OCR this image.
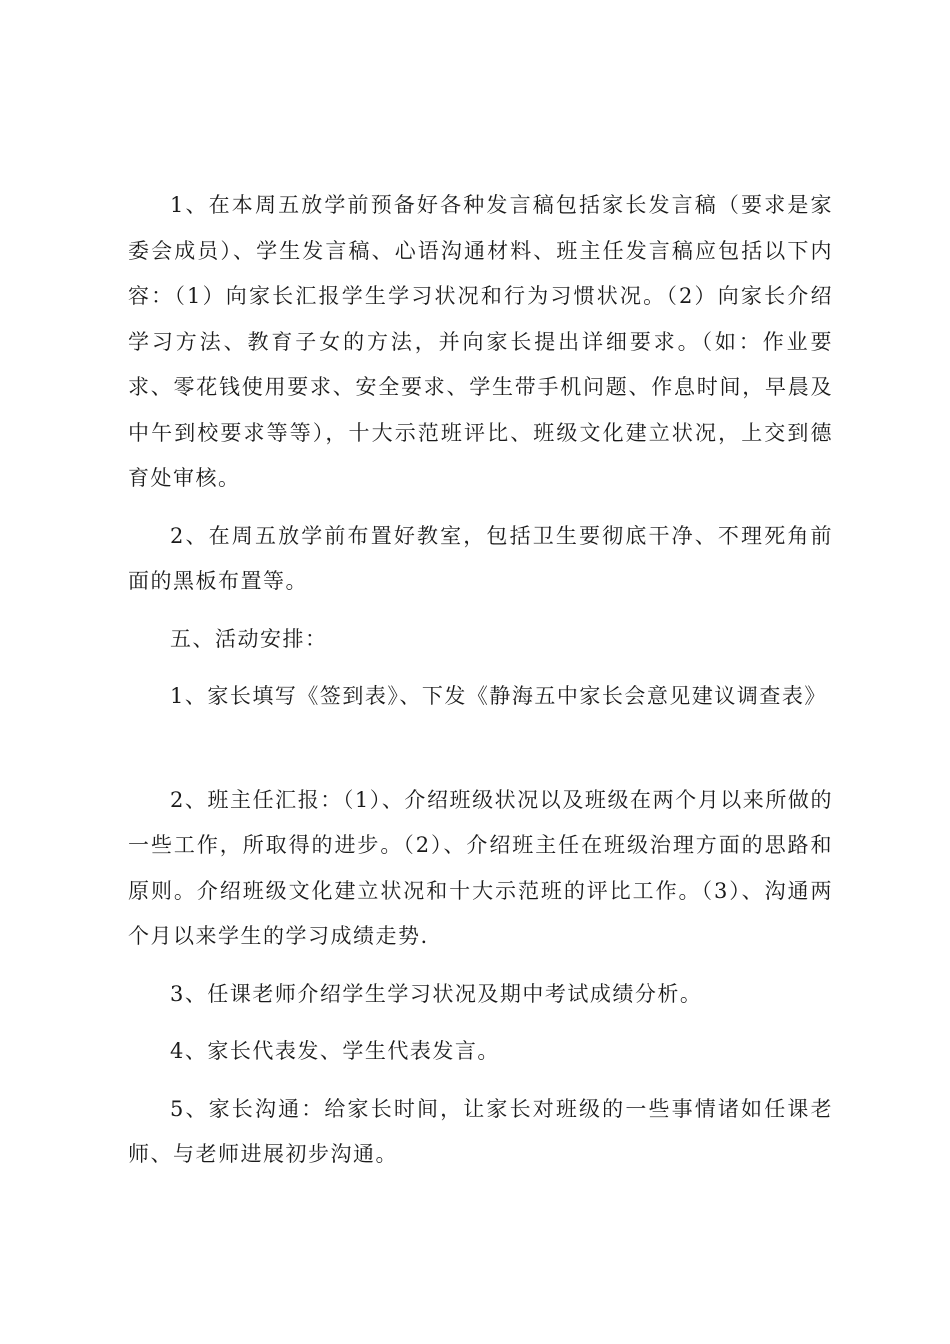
1、在本周五放学前预备好各种发言稿包括家长发言稿（要求是家委会成员）、学生发言稿、心语沟通材料、班主任发言稿应包括以下内容：（1）向家长汇报学生学习状况和行为习惯状况。（2）向家长介绍学习方法、教育子女的方法，并向家长提出详细要求。（如：作业要求、零花钱使用要求、安全要求、学生带手机问题、作息时间，早晨及中午到校要求等等），十大示范班评比、班级文化建立状况，上交到德育处审核。

2、在周五放学前布置好教室，包括卫生要彻底干净、不理死角前面的黑板布置等。

五、活动安排：

1、家长填写《签到表》、下发《静海五中家长会意见建议调查表》

2、班主任汇报：（1）、介绍班级状况以及班级在两个月以来所做的一些工作，所取得的进步。（2）、介绍班主任在班级治理方面的思路和原则。介绍班级文化建立状况和十大示范班的评比工作。（3）、沟通两个月以来学生的学习成绩走势.

3、任课老师介绍学生学习状况及期中考试成绩分析。

4、家长代表发、学生代表发言。

5、家长沟通：给家长时间，让家长对班级的一些事情诸如任课老师、与老师进展初步沟通。
